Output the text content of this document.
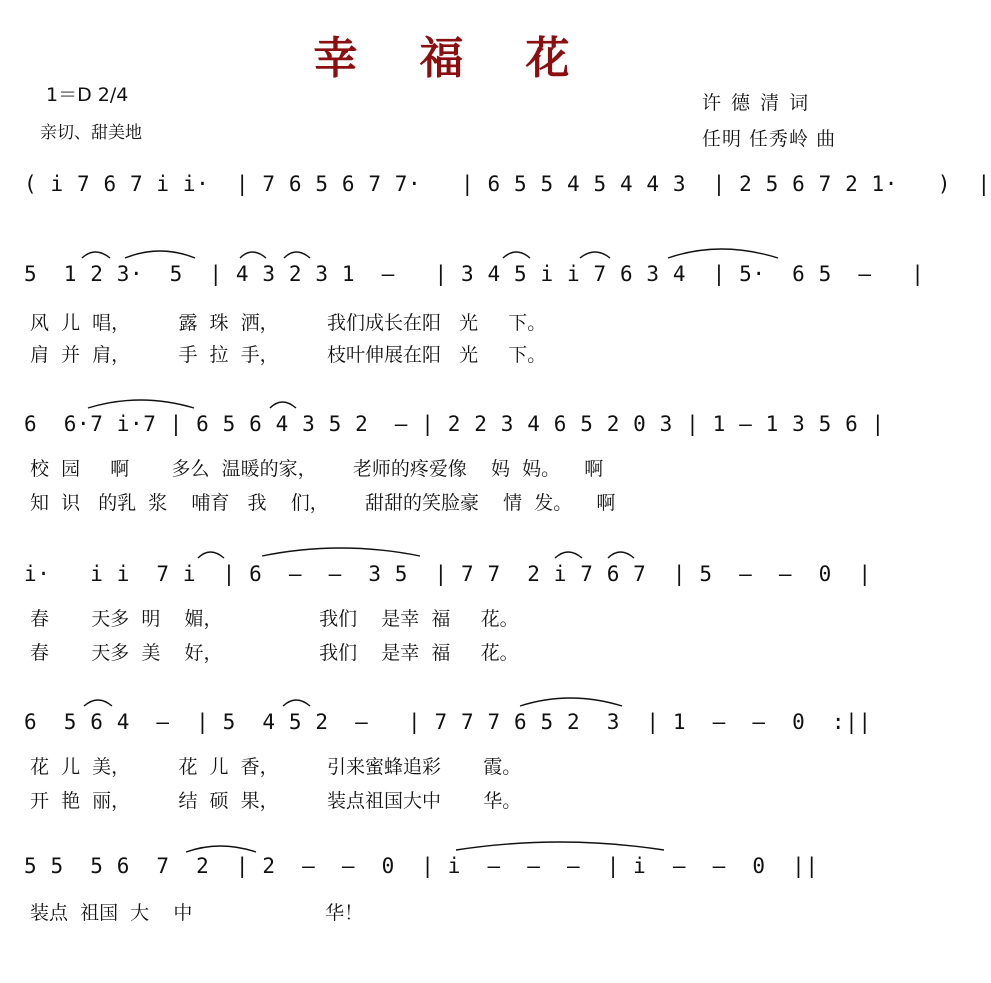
幸福花
1＝D 2/4
亲切、甜美地
许 德 清 词
任明 任秀岭 曲
( i 7 6 7 i i·  | 7 6 5 6 7 7·   | 6 5 5 4 5 4 4 3  | 2 5 6 7 2 1·   )  |
5  1 2 3·  5  | 4 3 2 3 1  –   | 3 4 5 i i 7 6 3 4  | 5·  6 5  –   |
风  儿  唱，        露  珠  洒，        我们成长在阳   光     下。
肩  并  肩，        手  拉  手，        枝叶伸展在阳   光     下。
6  6·7 i·7 | 6 5 6 4 3 5 2  – | 2 2 3 4 6 5 2 0 3 | 1 – 1 3 5 6 |
校  园     啊       多么  温暖的家，      老师的疼爱像    妈  妈。    啊
知  识   的乳  浆    哺育   我    们，      甜甜的笑脸豪    情  发。    啊
i·   i i  7 i  | 6  –  –  3 5  | 7 7  2 i 7 6 7  | 5  –  –  0  |
春       天多  明    媚，                我们    是幸  福     花。
春       天多  美    好，                我们    是幸  福     花。
6  5 6 4  –  | 5  4 5 2  –   | 7 7 7 6 5 2  3  | 1  –  –  0  :||
花  儿  美，        花  儿  香，        引来蜜蜂追彩       霞。
开  艳  丽，        结  硕  果，        装点祖国大中       华。
5 5  5 6  7  2  | 2  –  –  0  | i  –  –  –  | i  –  –  0  ||
装点  祖国  大    中                      华！
